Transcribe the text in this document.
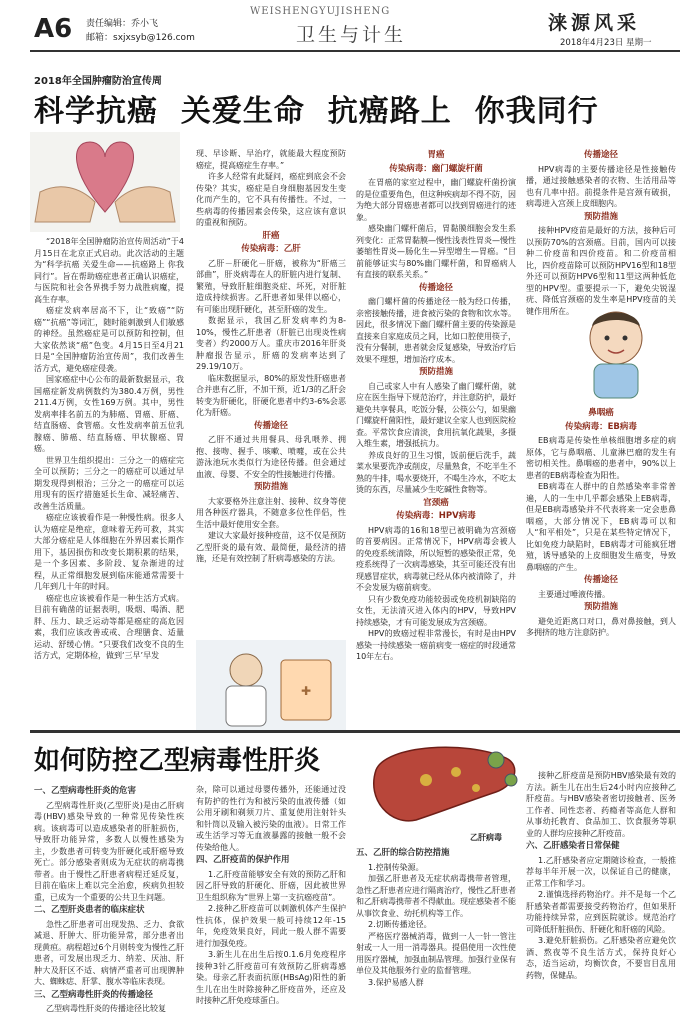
A6 责任编辑：乔小飞
邮箱：sxjxsyb@126.com
WEISHENGYUJISHENG
卫生与计生
涞源风采
2018年4月23日 星期一
2018年全国肿瘤防治宣传周
科学抗癌  关爱生命  抗癌路上  你我同行

“2018年全国肿瘤防治宣传周活动”于4月15日在北京正式启动。此次活动的主题为“科学抗癌 关爱生命——抗癌路上 你我同行”。旨在帮助癌症患者正确认识癌症，与医院和社会各界携手努力战胜病魔，提高生存率。

癌症发病率居高不下，让“致癌”“防癌”“抗癌”等词汇，随时能刺激到人们敏感的神经。虽然癌症是可以预防和控制，但大家依然谈“癌”色变。4月15日至4月21日是“全国肿瘤防治宣传周”，我们改善生活方式，避免癌症侵袭。

国家癌症中心公布的最新数据显示，我国癌症新发病例数约为380.4万例，男性211.4万例，女性169万例。其中，男性发病率排名前五的为肺癌、胃癌、肝癌、结直肠癌、食管癌。女性发病率前五位乳腺癌、肺癌、结直肠癌、甲状腺癌、胃癌。

世界卫生组织提出：三分之一的癌症完全可以预防；三分之一的癌症可以通过早期发现得到根治；三分之一的癌症可以运用现有的医疗措施延长生命、减轻痛苦、改善生活质量。

癌症应该被看作是一种慢性病。很多人认为癌症是绝症，意味着无药可救，其实大部分癌症是人体细胞在外界因素长期作用下，基因损伤和改变长期积累的结果，是一个多因素、多阶段、复杂渐进的过程，从正常细胞发展到临床能通常需要十几年到几十年的时间。

癌症也应该被看作是一种生活方式病。目前有确凿的证据表明，吸烟、喝酒、肥胖、压力、缺乏运动等都是癌症的高危因素，我们应该改善或戒、合理膳食、适量运动、舒缓心情。“只要我们改变不良的生活方式，定期体检，做到‘三早’早发

现、早诊断、早治疗，就能最大程度预防癌症，提高癌症生存率。”

许多人经常有此疑问，癌症到底会不会传染？其实，癌症是自身细胞基因发生变化而产生的，它不具有传播性。不过，一些病毒的传播因素会传染，这应该有意识的重视和预防。

肝癌
传染病毒：乙肝

乙肝－肝硬化－肝癌，被称为“肝癌三部曲”，肝炎病毒在人的肝脏内进行复制、繁殖，导致肝脏细胞炎症、坏死，对肝脏造成持续损害。乙肝患者如果伴以癌心，有可能出现肝硬化，甚至肝癌的发生。

数据显示，我国乙肝发病率约为8-10%，慢性乙肝患者（肝脏已出现炎性病变者）约2000万人。重庆市2016年肝炎肿瘤报告显示，肝癌的发病率达到了29.19/10万。

临床数据显示，80%的原发性肝癌患者合并患有乙肝，不加干预，近1/3的乙肝会转变为肝硬化，肝硬化患者中约3-6%会恶化为肝癌。

传播途径

乙肝不通过共用餐具、母乳喂养、拥抱、接吻、握手、咳嗽、喷嚏，或在公共游泳池玩水类似行为途径传播。但会通过血液、母婴、不安全的性接触进行传播。

预防措施

大家要格外注意注射、接种、纹身等使用各种医疗器具，不随意多位性伴侣，性生活中最好使用安全套。

建议大家最好接种疫苗，这不仅是预防乙型肝炎的最有效、最简便，最经济的措施，还是有效控制了肝病毒感染的方法。

✚
胃癌
传染病毒：幽门螺旋杆菌

在胃癌的家室过程中，幽门螺旋杆菌扮演的是位重要角色，但这种疾病却不得不防，因为绝大部分胃癌患者都可以找到胃癌进行的迹象。

感染幽门螺杆菌后，胃黏膜细胞会发生系列变化：正常胃黏膜—慢性浅表性胃炎—慢性萎缩性胃炎—肠化生—异型增生—胃癌。“目前能够证实与80%幽门螺杆菌，和胃癌病人有直接的联系关系。”

传播途径

幽门螺杆菌的传播途径一般为经口传播，亲密接触传播，进食被污染的食物和饮水等。因此，很多情况下幽门螺杆菌主要的传染源是直接来自家庭成员之间，比如口腔使用筷子，没有分餐制，患者就会反复感染，导致治疗后效果不理想，增加治疗成本。

预防措施

自己或家人中有人感染了幽门螺杆菌，就应在医生指导下规范治疗，并注意防护，最好避免共享餐具，吃饭分餐，公筷公勺，如果幽门螺旋杆菌阳性，最好建议全家人也到医院检查。平常饮食应清淡，食用抗氧化蔬果，多摄入维生素，增强抵抗力。

养成良好的卫生习惯，饭前便后洗手，蔬菜水果要洗净或削皮，尽量熟食，不吃半生不熟的牛排，喝水要烧开，不喝生冷水，不吃太烫的东西，尽量减少生吃碱性食物等。

宫颈癌
传染病毒：HPV病毒

HPV病毒的16和18型已被明确为宫颈癌的首要病因。正常情况下，HPV病毒会被人的免疫系统清除，所以短暂的感染很正常，免疫系统得了一次病毒感染，其至可能还没有出现感冒症状，病毒就已经从体内被清除了，并不会发展为癌前病变。

只有少数免疫功能较弱或免疫机制缺陷的女性，无法清灭进入体内的HPV，导致HPV持续感染，才有可能发展成为宫颈癌。

HPV的致癌过程非常漫长，有时是由HPV感染一持续感染一癌前病变一癌症的时段通常10年左右。

传播途径

HPV病毒的主要传播途径是性接触传播，通过接触感染者的衣物、生活用品等也有几率中招。前提条件是宫颈有破损，病毒进入宫颈上皮细胞内。

预防措施

接种HPV疫苗是最好的方法，接种后可以预防70%的宫颈癌。目前，国内可以接种二价疫苗和四价疫苗。和二价疫苗相比，四价疫苗除可以预防HPV16型和18型外还可以预防HPV6型和11型这两种低危型的HPV型。重要提示一下，避免尖锐湿疣、降低宫颈癌的发生率是HPV疫苗的关键作用所在。

鼻咽癌
传染病毒：EB病毒

EB病毒是传染性单核细胞增多症的病原体，它与鼻咽癌、儿童淋巴瘤的发生有密切相关性。鼻咽癌的患者中，90%以上患者的EB病毒检查为阳性。

EB病毒在人群中的自然感染率非常普遍，人的一生中几乎都会感染上EB病毒，但是EB病毒感染并不代表将来一定会患鼻咽癌，大部分情况下，EB病毒可以和人“和平相处”，只是在某些特定情况下，比如免疫力缺陷时，EB病毒才可能疯狂增殖，诱导感染的上皮细胞发生癌变，导致鼻咽癌的产生。

传播途径

主要通过唾液传播。

预防措施

避免近距离口对口，鼻对鼻接触，到人多拥挤的地方注意防护。

如何防控乙型病毒性肝炎
一、乙型病毒性肝炎的危害

乙型病毒性肝炎(乙型肝炎)是由乙肝病毒(HBV)感染导致的一种常见传染性疾病。该病毒可以造成感染者的肝脏损伤，导致肝功能异常，多数人以慢性感染为主，少数患者可转变为肝硬化或肝癌导致死亡。部分感染者则成为无症状的病毒携带者。由于慢性乙肝患者病程迁延反复，目前在临床上难以完全治愈，疾病负担较重，已成为一个重要的公共卫生问题。

二、乙型肝炎患者的临床症状

急性乙肝患者可出现发热、乏力、食欲减退、肝肿大、肝功能异常，部分患者出现黄疸。病程超过6个月则转变为慢性乙肝患者，可发展出现乏力、纳差、厌油、肝肿大及肝区不适、病情严重者可出现脾肿大、蜘蛛痣、肝掌、腹水等临床表现。

三、乙型病毒性肝炎的传播途径

乙型病毒性肝炎的传播途径比较复

杂，除可以通过母婴传播外，还能通过没有防护的性行为和被污染的血液传播（如公用牙刷和剃须刀片、重复使用注射针头和针筒以及输入被污染的血液）。日常工作或生活学习等无血液暴露的接触一般不会传染给他人。

四、乙肝疫苗的保护作用

1.乙肝疫苗能够安全有效的预防乙肝和因乙肝导致的肝硬化、肝癌，因此被世界卫生组织称为“世界上第一支抗癌疫苗”。

2.接种乙肝疫苗可以刺激机体产生保护性抗体，保护效果一般可持续12年-15年，免疫效果良好，同此一般人群不需要进行加强免疫。

3.新生儿在出生后按0.1.6月免疫程序接种3针乙肝疫苗可有效预防乙肝病毒感染。母亲乙肝表面抗原(HBsAg)阳性的新生儿在出生时除接种乙肝疫苗外，还应及时接种乙肝免疫球蛋白。

乙肝病毒
五、乙肝的综合防控措施

1.控制传染源。

加强乙肝患者及无症状病毒携带者管理，急性乙肝患者应进行隔离治疗，慢性乙肝患者和乙肝病毒携带者不得献血。现症感染者不能从事饮食业、幼托机构等工作。

2.切断传播途径。

严格医疗器械消毒，做到一人一针一管注射或一人一用一消毒器具。提倡使用一次性使用医疗器械，加强血制品管理。加强行业保有单位及其他服务行业的监督管理。

3.保护易感人群

接种乙肝疫苗是预防HBV感染最有效的方法。新生儿在出生后24小时内应接种乙肝疫苗。与HBV感染者密切接触者、医务工作者、同性恋者、药瘾者等高危人群和从事幼托教育、食品加工、饮食服务等职业的人群均应接种乙肝疫苗。

六、乙肝感染者日常保健

1.乙肝感染者应定期随诊检查，一般推荐每半年开展一次，以保证自己的健康，正常工作和学习。

2.谨慎选择药物治疗。并不是每一个乙肝感染者都需要接受药物治疗，但如果肝功能持续异常，应到医院就诊。规范治疗可降低肝脏损伤、肝硬化和肝癌的风险。

3.避免肝脏损伤。乙肝感染者应避免饮酒、熬夜等不良生活方式，保持良好心态，适当运动，均衡饮食，不要盲目乱用药物，保健品。
